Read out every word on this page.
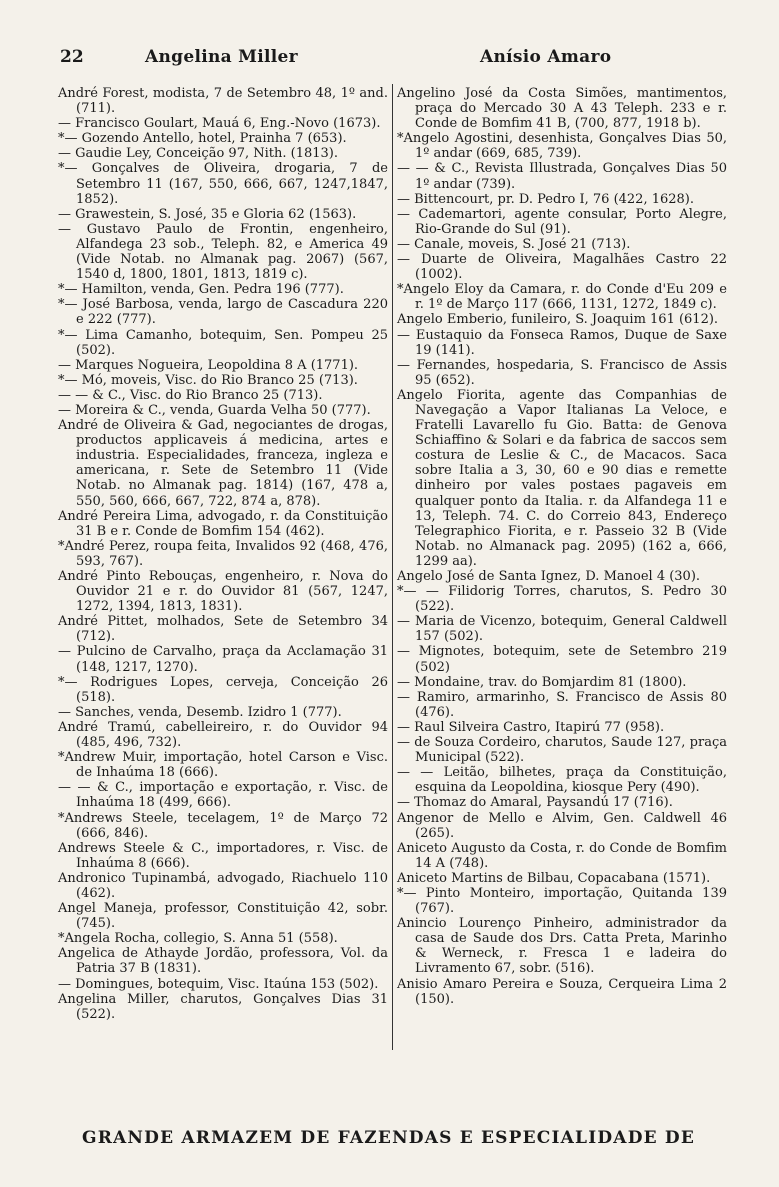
22	Angelina Miller	Anísio Amaro

André Forest, modista, 7 de Setembro 48, 1º and. (711).

— Francisco Goulart, Mauá 6, Eng.-Novo (1673).

*— Gozendo Antello, hotel, Prainha 7 (653).

— Gaudie Ley, Conceição 97, Nith. (1813).

*— Gonçalves de Oliveira, drogaria, 7 de Setembro 11 (167, 550, 666, 667, 1247,1847, 1852).

— Grawestein, S. José, 35 e Gloria 62 (1563).

— Gustavo Paulo de Frontin, engenheiro, Alfandega 23 sob., Teleph. 82, e America 49 (Vide Notab. no Almanak pag. 2067) (567, 1540 d, 1800, 1801, 1813, 1819 c).

*— Hamilton, venda, Gen. Pedra 196 (777).

*— José Barbosa, venda, largo de Cascadura 220 e 222 (777).

*— Lima Camanho, botequim, Sen. Pompeu 25 (502).

— Marques Nogueira, Leopoldina 8 A (1771).

*— Mó, moveis, Visc. do Rio Branco 25 (713).

— — & C., Visc. do Rio Branco 25 (713).

— Moreira & C., venda, Guarda Velha 50 (777).

André de Oliveira & Gad, negociantes de drogas, productos applicaveis á medicina, artes e industria. Especialidades, franceza, ingleza e americana, r. Sete de Setembro 11 (Vide Notab. no Almanak pag. 1814) (167, 478 a, 550, 560, 666, 667, 722, 874 a, 878).

André Pereira Lima, advogado, r. da Constituição 31 B e r. Conde de Bomfim 154 (462).

*André Perez, roupa feita, Invalidos 92 (468, 476, 593, 767).

André Pinto Rebouças, engenheiro, r. Nova do Ouvidor 21 e r. do Ouvidor 81 (567, 1247, 1272, 1394, 1813, 1831).

André Pittet, molhados, Sete de Setembro 34 (712).

— Pulcino de Carvalho, praça da Acclamação 31 (148, 1217, 1270).

*— Rodrigues Lopes, cerveja, Conceição 26 (518).

— Sanches, venda, Desemb. Izidro 1 (777).

André Tramú, cabelleireiro, r. do Ouvidor 94 (485, 496, 732).

*Andrew Muir, importação, hotel Carson e Visc. de Inhaúma 18 (666).

— — & C., importação e exportação, r. Visc. de Inhaúma 18 (499, 666).

*Andrews Steele, tecelagem, 1º de Março 72 (666, 846).

Andrews Steele & C., importadores, r. Visc. de Inhaúma 8 (666).

Andronico Tupinambá, advogado, Riachuelo 110 (462).

Angel Maneja, professor, Constituição 42, sobr. (745).

*Angela Rocha, collegio, S. Anna 51 (558).

Angelica de Athayde Jordão, professora, Vol. da Patria 37 B (1831).

— Domingues, botequim, Visc. Itaúna 153 (502).

Angelina Miller, charutos, Gonçalves Dias 31 (522).

Angelino José da Costa Simões, mantimentos, praça do Mercado 30 A 43 Teleph. 233 e r. Conde de Bomfim 41 B, (700, 877, 1918 b).

*Angelo Agostini, desenhista, Gonçalves Dias 50, 1º andar (669, 685, 739).

— — & C., Revista Illustrada, Gonçalves Dias 50 1º andar (739).

— Bittencourt, pr. D. Pedro I, 76 (422, 1628).

— Cademartori, agente consular, Porto Alegre, Rio-Grande do Sul (91).

— Canale, moveis, S. José 21 (713).

— Duarte de Oliveira, Magalhães Castro 22 (1002).

*Angelo Eloy da Camara, r. do Conde d'Eu 209 e r. 1º de Março 117 (666, 1131, 1272, 1849 c).

Angelo Emberio, funileiro, S. Joaquim 161 (612).

— Eustaquio da Fonseca Ramos, Duque de Saxe 19 (141).

— Fernandes, hospedaria, S. Francisco de Assis 95 (652).

Angelo Fiorita, agente das Companhias de Navegação a Vapor Italianas La Veloce, e Fratelli Lavarello fu Gio. Batta: de Genova Schiaffino & Solari e da fabrica de saccos sem costura de Leslie & C., de Macacos. Saca sobre Italia a 3, 30, 60 e 90 dias e remette dinheiro por vales postaes pagaveis em qualquer ponto da Italia. r. da Alfandega 11 e 13, Teleph. 74. C. do Correio 843, Endereço Telegraphico Fiorita, e r. Passeio 32 B (Vide Notab. no Almanack pag. 2095) (162 a, 666, 1299 aa).

Angelo José de Santa Ignez, D. Manoel 4 (30).

*— — Filidorig Torres, charutos, S. Pedro 30 (522).

— Maria de Vicenzo, botequim, General Caldwell 157 (502).

— Mignotes, botequim, sete de Setembro 219 (502)

— Mondaine, trav. do Bomjardim 81 (1800).

— Ramiro, armarinho, S. Francisco de Assis 80 (476).

— Raul Silveira Castro, Itapirú 77 (958).

— de Souza Cordeiro, charutos, Saude 127, praça Municipal (522).

— — Leitão, bilhetes, praça da Constituição, esquina da Leopoldina, kiosque Pery (490).

— Thomaz do Amaral, Paysandú 17 (716).

Angenor de Mello e Alvim, Gen. Caldwell 46 (265).

Aniceto Augusto da Costa, r. do Conde de Bomfim 14 A (748).

Aniceto Martins de Bilbau, Copacabana (1571).

*— Pinto Monteiro, importação, Quitanda 139 (767).

Anincio Lourenço Pinheiro, administrador da casa de Saude dos Drs. Catta Preta, Marinho & Werneck, r. Fresca 1 e ladeira do Livramento 67, sobr. (516).

Anisio Amaro Pereira e Souza, Cerqueira Lima 2 (150).

GRANDE ARMAZEM DE FAZENDAS E ESPECIALIDADE DE
